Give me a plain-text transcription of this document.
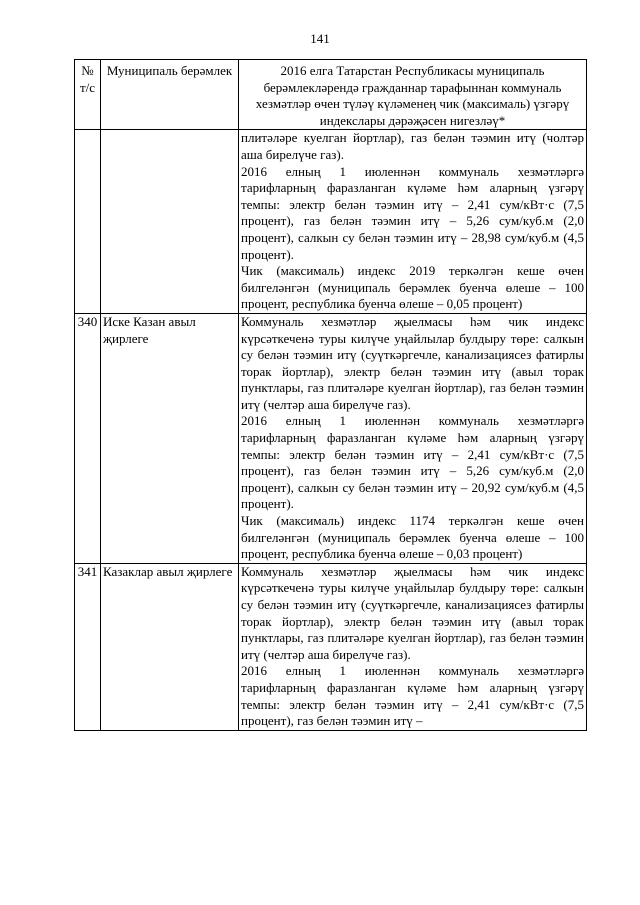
141
№ т/с	Муниципаль берәмлек	2016 елга Татарстан Республикасы муниципаль берәмлекләрендә гражданнар тарафыннан коммуналь хезмәтләр өчен түләү күләменең чик (максималь) үзгәрү индекслары дәрәҗәсен нигезләү*

		плитәләре куелган йортлар), газ белән тәэмин итү (чолтәр аша бирелүче газ).

2016 елның 1 июленнән коммуналь хезмәтләргә тарифларның фаразланган күләме һәм аларның үзгәрү темпы: электр белән тәэмин итү – 2,41 сум/кВт·с (7,5 процент), газ белән тәэмин итү – 5,26 сум/куб.м (2,0 процент), салкын су белән тәэмин итү – 28,98 сум/куб.м (4,5 процент).

Чик (максималь) индекс 2019 теркәлгән кеше өчен билгеләнгән (муниципаль берәмлек буенча өлеше – 100 процент, республика буенча өлеше – 0,05 процент)

340	Иске Казан авыл җирлеге	Коммуналь хезмәтләр җыелмасы һәм чик индекс күрсәткеченә туры килүче уңайлылар булдыру төре: салкын су белән тәэмин итү (суүткәргечле, канализациясез фатирлы торак йортлар), электр белән тәэмин итү (авыл торак пунктлары, газ плитәләре куелган йортлар), газ белән тәэмин итү (челтәр аша бирелүче газ).

2016 елның 1 июленнән коммуналь хезмәтләргә тарифларның фаразланган күләме һәм аларның үзгәрү темпы: электр белән тәэмин итү – 2,41 сум/кВт·с (7,5 процент), газ белән тәэмин итү – 5,26 сум/куб.м (2,0 процент), салкын су белән тәэмин итү – 20,92 сум/куб.м (4,5 процент).

Чик (максималь) индекс 1174 теркәлгән кеше өчен билгеләнгән (муниципаль берәмлек буенча өлеше – 100 процент, республика буенча өлеше – 0,03 процент)

341	Казаклар авыл җирлеге	Коммуналь хезмәтләр җыелмасы һәм чик индекс күрсәткеченә туры килүче уңайлылар булдыру төре: салкын су белән тәэмин итү (суүткәргечле, канализациясез фатирлы торак йортлар), электр белән тәэмин итү (авыл торак пунктлары, газ плитәләре куелган йортлар), газ белән тәэмин итү (челтәр аша бирелүче газ).

2016 елның 1 июленнән коммуналь хезмәтләргә тарифларның фаразланган күләме һәм аларның үзгәрү темпы: электр белән тәэмин итү – 2,41 сум/кВт·с (7,5 процент), газ белән тәэмин итү –
